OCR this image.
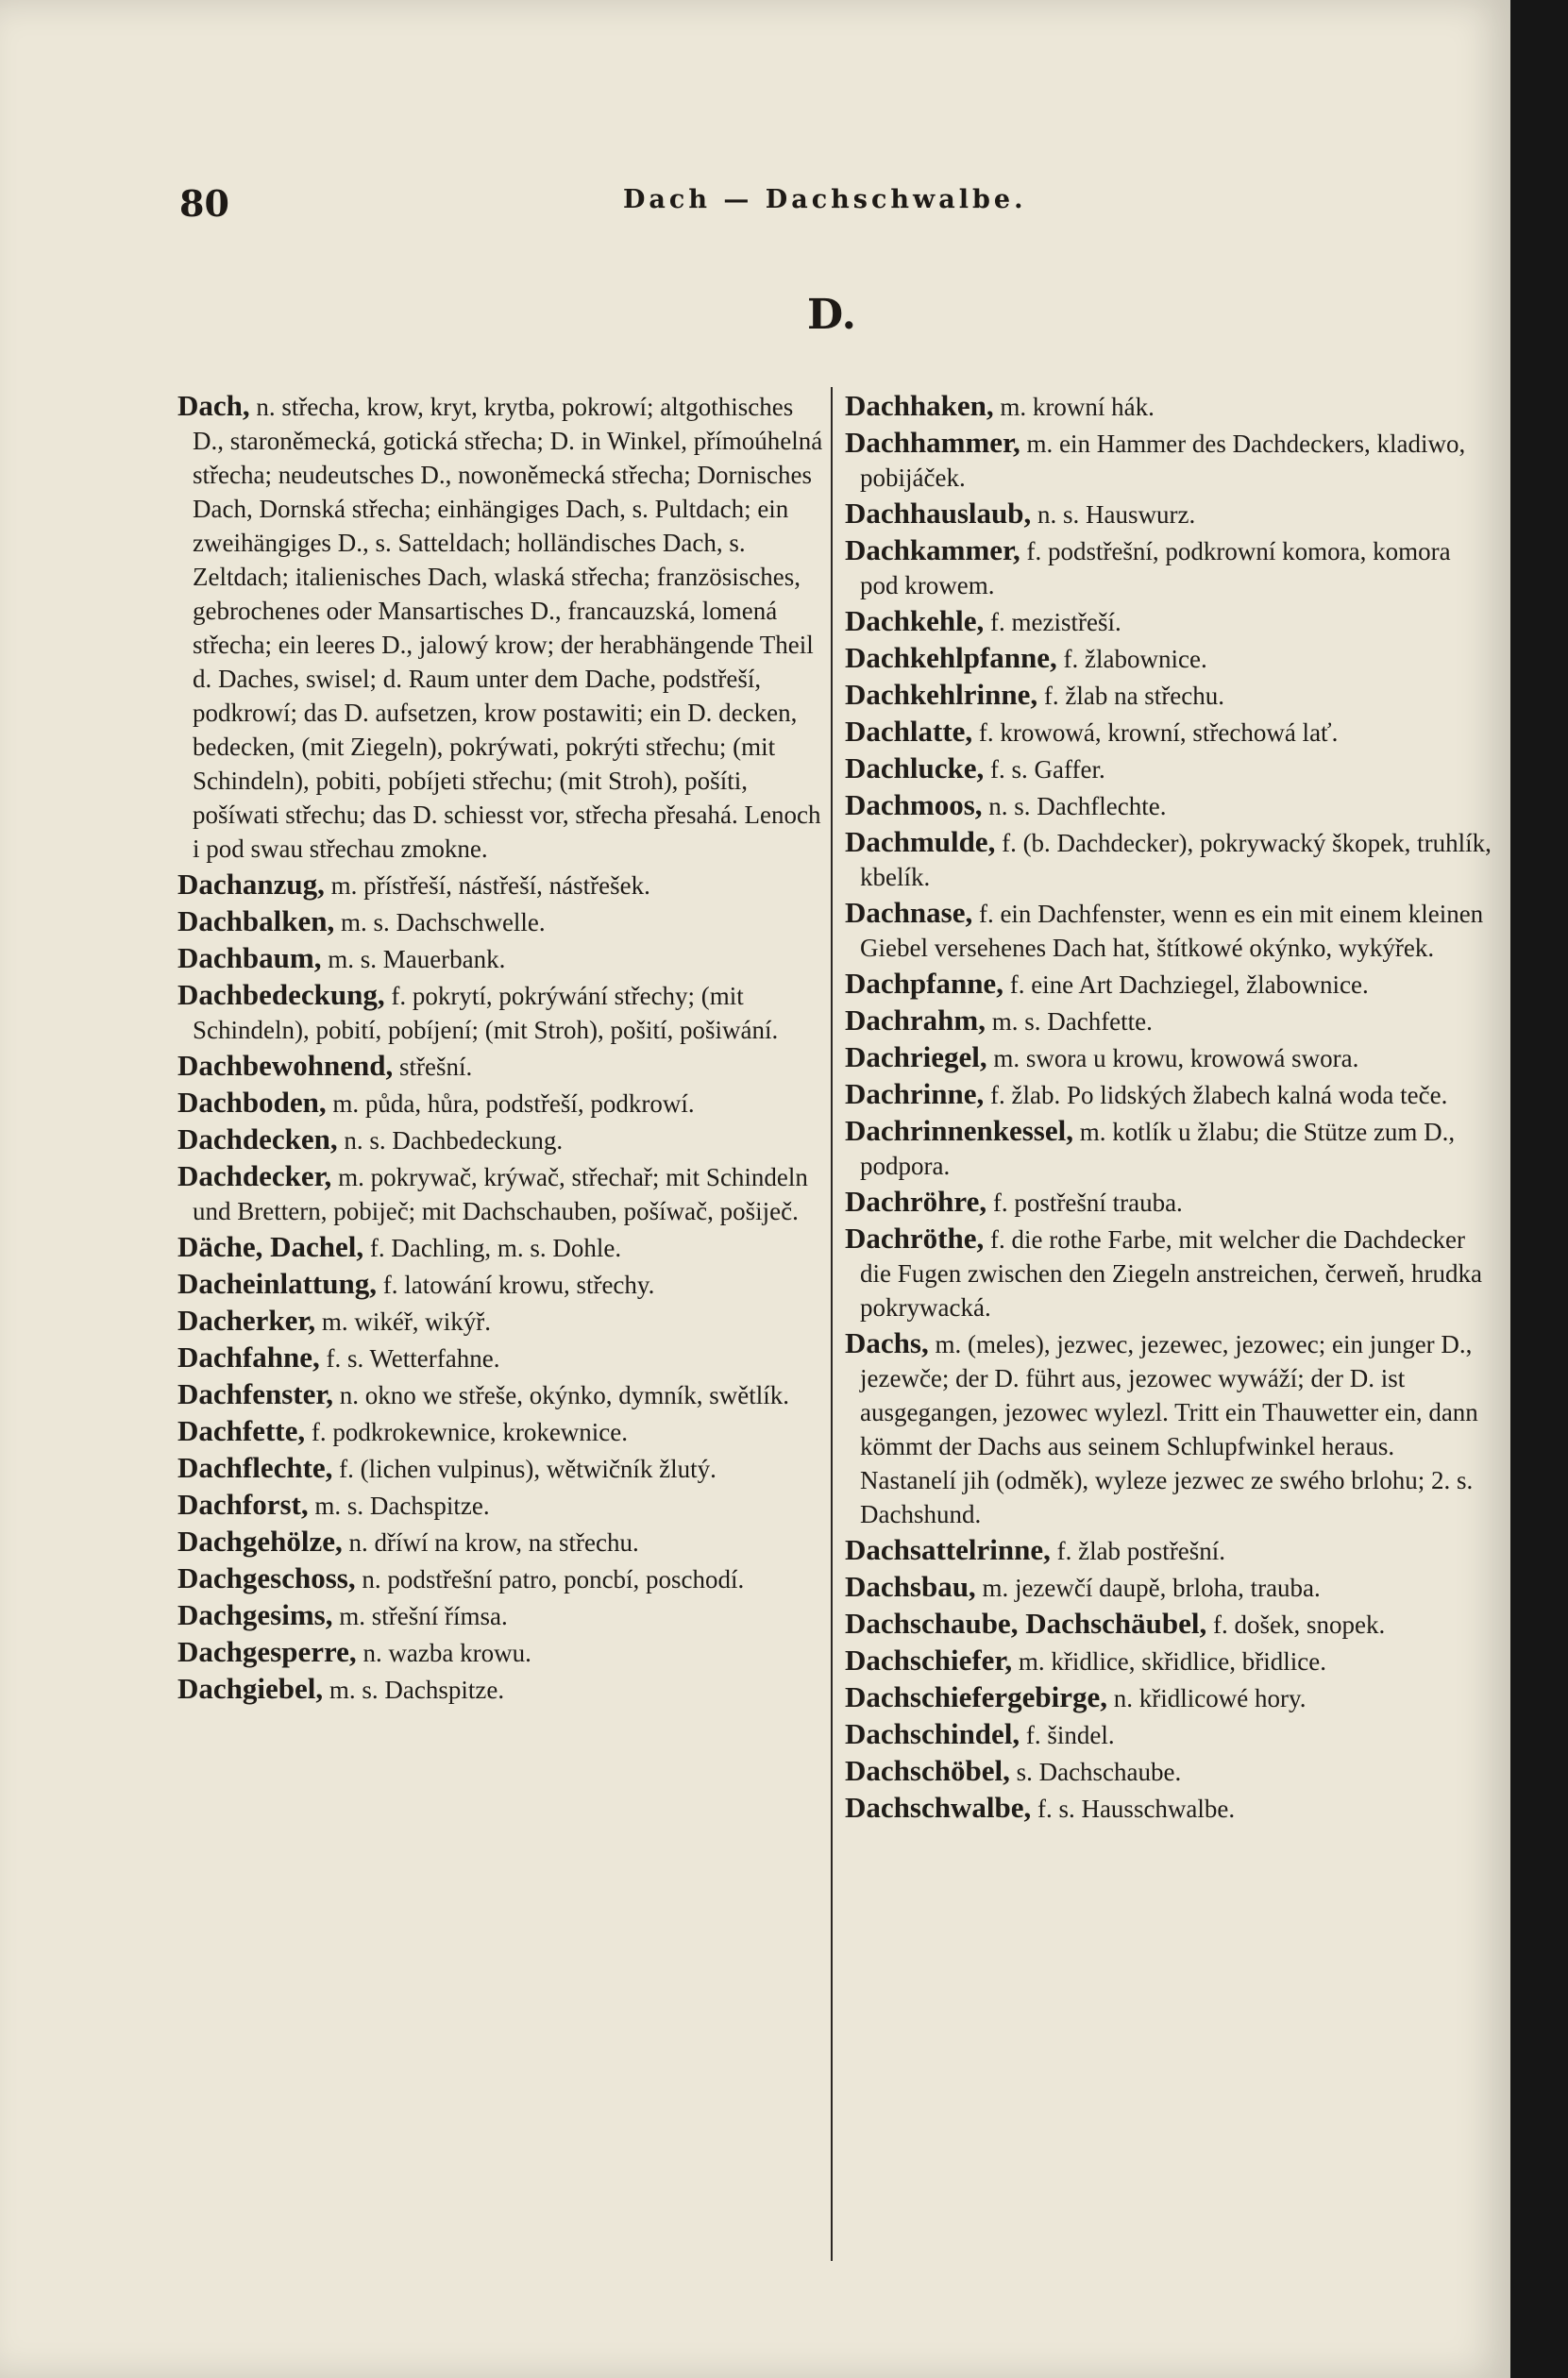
80	Dach — Dachschwalbe.
D.

Dach, n. střecha, krow, kryt, krytba, pokrowí; altgothisches D., staroněmecká, gotická střecha; D. in Winkel, přímoúhelná střecha; neudeutsches D., nowoněmecká střecha; Dornisches Dach, Dornská střecha; einhängiges Dach, s. Pultdach; ein zweihängiges D., s. Satteldach; holländisches Dach, s. Zeltdach; italienisches Dach, wlaská střecha; französisches, gebrochenes oder Mansartisches D., francauzská, lomená střecha; ein leeres D., jalowý krow; der herabhängende Theil d. Daches, swisel; d. Raum unter dem Dache, podstřeší, podkrowí; das D. aufsetzen, krow postawiti; ein D. decken, bedecken, (mit Ziegeln), pokrýwati, pokrýti střechu; (mit Schindeln), pobiti, pobíjeti střechu; (mit Stroh), pošíti, pošíwati střechu; das D. schiesst vor, střecha přesahá. Lenoch i pod swau střechau zmokne.

Dachanzug, m. přístřeší, nástřeší, nástřešek.

Dachbalken, m. s. Dachschwelle.

Dachbaum, m. s. Mauerbank.

Dachbedeckung, f. pokrytí, pokrýwání střechy; (mit Schindeln), pobití, pobíjení; (mit Stroh), pošití, pošiwání.

Dachbewohnend, střešní.

Dachboden, m. půda, hůra, podstřeší, podkrowí.

Dachdecken, n. s. Dachbedeckung.

Dachdecker, m. pokrywač, krýwač, střechař; mit Schindeln und Brettern, pobiječ; mit Dachschauben, pošíwač, pošiječ.

Däche, Dachel, f. Dachling, m. s. Dohle.

Dacheinlattung, f. latowání krowu, střechy.

Dacherker, m. wikéř, wikýř.

Dachfahne, f. s. Wetterfahne.

Dachfenster, n. okno we střeše, okýnko, dymník, swětlík.

Dachfette, f. podkrokewnice, krokewnice.

Dachflechte, f. (lichen vulpinus), wětwičník žlutý.

Dachforst, m. s. Dachspitze.

Dachgehölze, n. dříwí na krow, na střechu.

Dachgeschoss, n. podstřešní patro, poncbí, poschodí.

Dachgesims, m. střešní římsa.

Dachgesperre, n. wazba krowu.

Dachgiebel, m. s. Dachspitze.

Dachhaken, m. krowní hák.

Dachhammer, m. ein Hammer des Dachdeckers, kladiwo, pobijáček.

Dachhauslaub, n. s. Hauswurz.

Dachkammer, f. podstřešní, podkrowní komora, komora pod krowem.

Dachkehle, f. mezistřeší.

Dachkehlpfanne, f. žlabownice.

Dachkehlrinne, f. žlab na střechu.

Dachlatte, f. krowowá, krowní, střechowá lať.

Dachlucke, f. s. Gaffer.

Dachmoos, n. s. Dachflechte.

Dachmulde, f. (b. Dachdecker), pokrywacký škopek, truhlík, kbelík.

Dachnase, f. ein Dachfenster, wenn es ein mit einem kleinen Giebel versehenes Dach hat, štítkowé okýnko, wykýřek.

Dachpfanne, f. eine Art Dachziegel, žlabownice.

Dachrahm, m. s. Dachfette.

Dachriegel, m. swora u krowu, krowowá swora.

Dachrinne, f. žlab. Po lidských žlabech kalná woda teče.

Dachrinnenkessel, m. kotlík u žlabu; die Stütze zum D., podpora.

Dachröhre, f. postřešní trauba.

Dachröthe, f. die rothe Farbe, mit welcher die Dachdecker die Fugen zwischen den Ziegeln anstreichen, čerweň, hrudka pokrywacká.

Dachs, m. (meles), jezwec, jezewec, jezowec; ein junger D., jezewče; der D. führt aus, jezowec wywáží; der D. ist ausgegangen, jezowec wylezl. Tritt ein Thauwetter ein, dann kömmt der Dachs aus seinem Schlupfwinkel heraus. Nastanelí jih (odměk), wyleze jezwec ze swého brlohu; 2. s. Dachshund.

Dachsattelrinne, f. žlab postřešní.

Dachsbau, m. jezewčí daupě, brloha, trauba.

Dachschaube, Dachschäubel, f. došek, snopek.

Dachschiefer, m. křidlice, skřidlice, břidlice.

Dachschiefergebirge, n. křidlicowé hory.

Dachschindel, f. šindel.

Dachschöbel, s. Dachschaube.

Dachschwalbe, f. s. Hausschwalbe.
